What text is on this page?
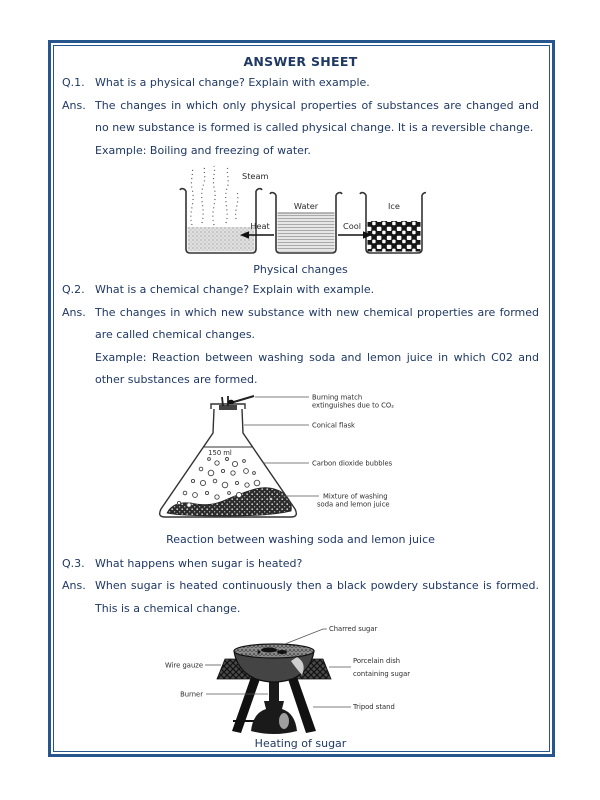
ANSWER SHEET
Q.1. What is a physical change? Explain with example.
Ans. The changes in which only physical properties of substances are changed and no new substance is formed is called physical change. It is a reversible change.

Example: Boiling and freezing of water.

Steam
Water	Ice
Heat	Cool
Physical changes
Q.2. What is a chemical change? Explain with example.
Ans. The changes in which new substance with new chemical properties are formed are called chemical changes.

Example: Reaction between washing soda and lemon juice in which C02 and other substances are formed.

150 ml
Burning match
extinguishes due to CO₂
Conical flask
Carbon dioxide bubbles
Mixture of washing
soda and lemon juice
Reaction between washing soda and lemon juice
Q.3. What happens when sugar is heated?
Ans. When sugar is heated continuously then a black powdery substance is formed. This is a chemical change.

Charred sugar
Wire gauze
Porcelain dish
containing sugar
Burner
Tripod stand
Heating of sugar
